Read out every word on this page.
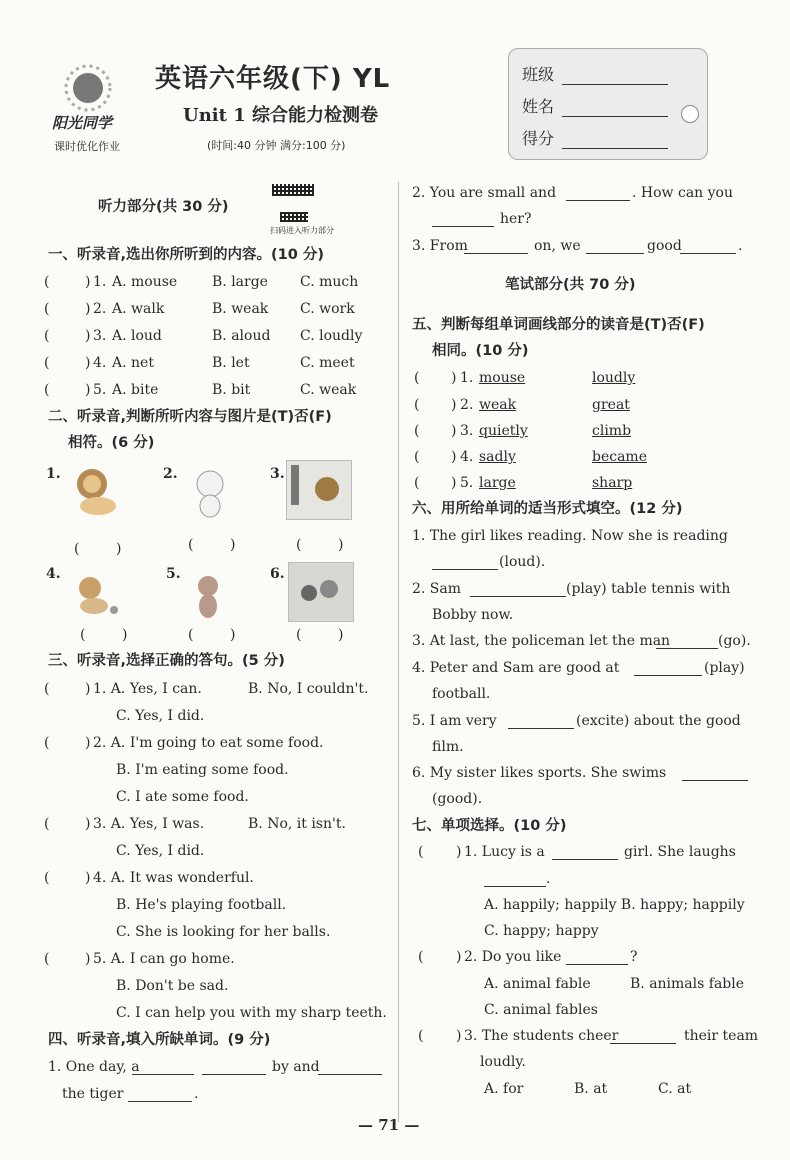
阳光同学
课时优化作业
英语六年级(下) YL
Unit 1 综合能力检测卷
(时间:40 分钟 满分:100 分)
班级
姓名
得分
听力部分(共 30 分)
扫码进入听力部分
一、听录音,选出你所听到的内容。(10 分)
(	) 1. A. mouse B. large C. much
(	) 2. A. walk	B. weak C. work
(	) 3. A. loud	B. aloud C. loudly
(	) 4. A. net	B. let	C. meet
(	) 5. A. bite	B. bit	C. weak
二、听录音,判断所听内容与图片是(T)否(F)
相符。(6 分)
1.
(	)
2.
(	)
3.
(	)
4.
(	)
5.
(	)
6.
(	)
三、听录音,选择正确的答句。(5 分)
(	) 1. A. Yes, I can.	B. No, I couldn't.
C. Yes, I did.
(	) 2. A. I'm going to eat some food.
B. I'm eating some food.
C. I ate some food.
(	) 3. A. Yes, I was.	B. No, it isn't.
C. Yes, I did.
(	) 4. A. It was wonderful.
B. He's playing football.
C. She is looking for her balls.
(	) 5. A. I can go home.
B. Don't be sad.
C. I can help you with my sharp teeth.
四、听录音,填入所缺单词。(9 分)
1. One day, a	by and
the tiger	.
2. You are small and	. How can you
her?
3. From	on, we	good	.
笔试部分(共 70 分)
五、判断每组单词画线部分的读音是(T)否(F)
相同。(10 分)
( ) 1. mouse	loudly
( ) 2. weak	great
( ) 3. quietly	climb
( ) 4. sadly	became
( ) 5. large	sharp
六、用所给单词的适当形式填空。(12 分)
1. The girl likes reading. Now she is reading
(loud).
2. Sam	(play) table tennis with
Bobby now.
3. At last, the policeman let the man	(go).
4. Peter and Sam are good at	(play)
football.
5. I am very	(excite) about the good
film.
6. My sister likes sports. She swims
(good).
七、单项选择。(10 分)
( ) 1. Lucy is a	girl. She laughs
.
A. happily; happily B. happy; happily
C. happy; happy
( ) 2. Do you like	?
A. animal fable	B. animals fable
C. animal fables
( ) 3. The students cheer	their team
loudly.
A. for	B. at	C. at
— 71 —
